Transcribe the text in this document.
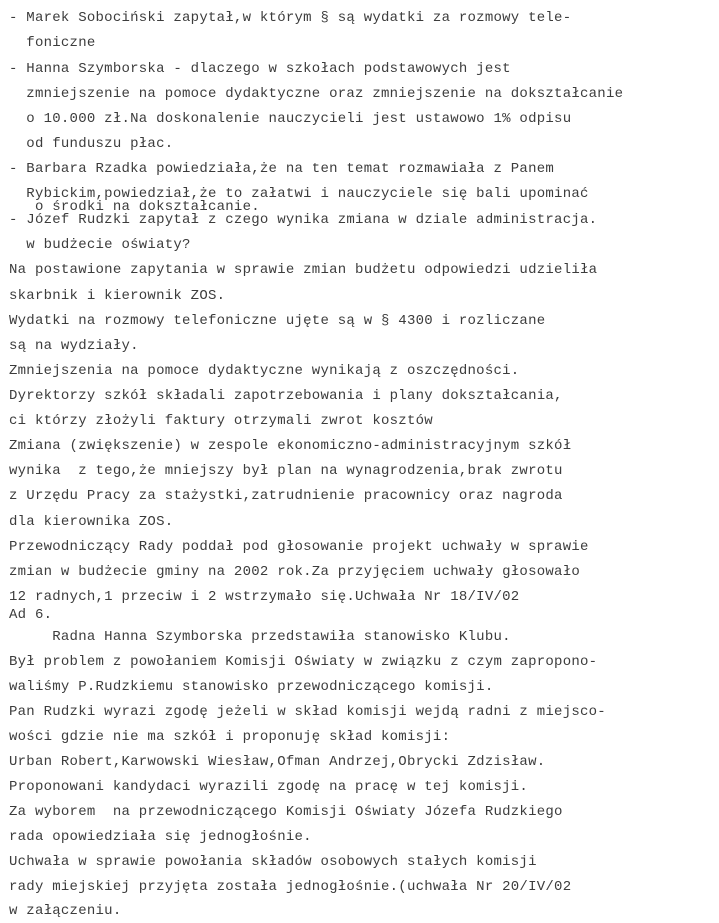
- Marek Sobociński zapytał,w którym § są wydatki za rozmowy tele-
foniczne
- Hanna Szymborska - dlaczego w szkołach podstawowych jest
zmniejszenie na pomoce dydaktyczne oraz zmniejszenie na dokształcanie
o 10.000 zł.Na doskonalenie nauczycieli jest ustawowo 1% odpisu
od funduszu płac.
- Barbara Rzadka powiedziała,że na ten temat rozmawiała z Panem
Rybickim,powiedział,że to załatwi i nauczyciele się bali upominać
o środki na dokształcanie.
- Józef Rudzki zapytał z czego wynika zmiana w dziale administracja.
w budżecie oświaty?
Na postawione zapytania w sprawie zmian budżetu odpowiedzi udzieliła
skarbnik i kierownik ZOS.
Wydatki na rozmowy telefoniczne ujęte są w § 4300 i rozliczane
są na wydziały.
Zmniejszenia na pomoce dydaktyczne wynikają z oszczędności.
Dyrektorzy szkół składali zapotrzebowania i plany dokształcania,
ci którzy złożyli faktury otrzymali zwrot kosztów
Zmiana (zwiększenie) w zespole ekonomiczno-administracyjnym szkół
wynika  z tego,że mniejszy był plan na wynagrodzenia,brak zwrotu
z Urzędu Pracy za stażystki,zatrudnienie pracownicy oraz nagroda
dla kierownika ZOS.
Przewodniczący Rady poddał pod głosowanie projekt uchwały w sprawie
zmian w budżecie gminy na 2002 rok.Za przyjęciem uchwały głosowało
12 radnych,1 przeciw i 2 wstrzymało się.Uchwała Nr 18/IV/02
Ad 6.
Radna Hanna Szymborska przedstawiła stanowisko Klubu.
Był problem z powołaniem Komisji Oświaty w związku z czym zapropono-
waliśmy P.Rudzkiemu stanowisko przewodniczącego komisji.
Pan Rudzki wyrazi zgodę jeżeli w skład komisji wejdą radni z miejsco-
wości gdzie nie ma szkół i proponuję skład komisji:
Urban Robert,Karwowski Wiesław,Ofman Andrzej,Obrycki Zdzisław.
Proponowani kandydaci wyrazili zgodę na pracę w tej komisji.
Za wyborem  na przewodniczącego Komisji Oświaty Józefa Rudzkiego
rada opowiedziała się jednogłośnie.
Uchwała w sprawie powołania składów osobowych stałych komisji
rady miejskiej przyjęta została jednogłośnie.(uchwała Nr 20/IV/02
w załączeniu.
